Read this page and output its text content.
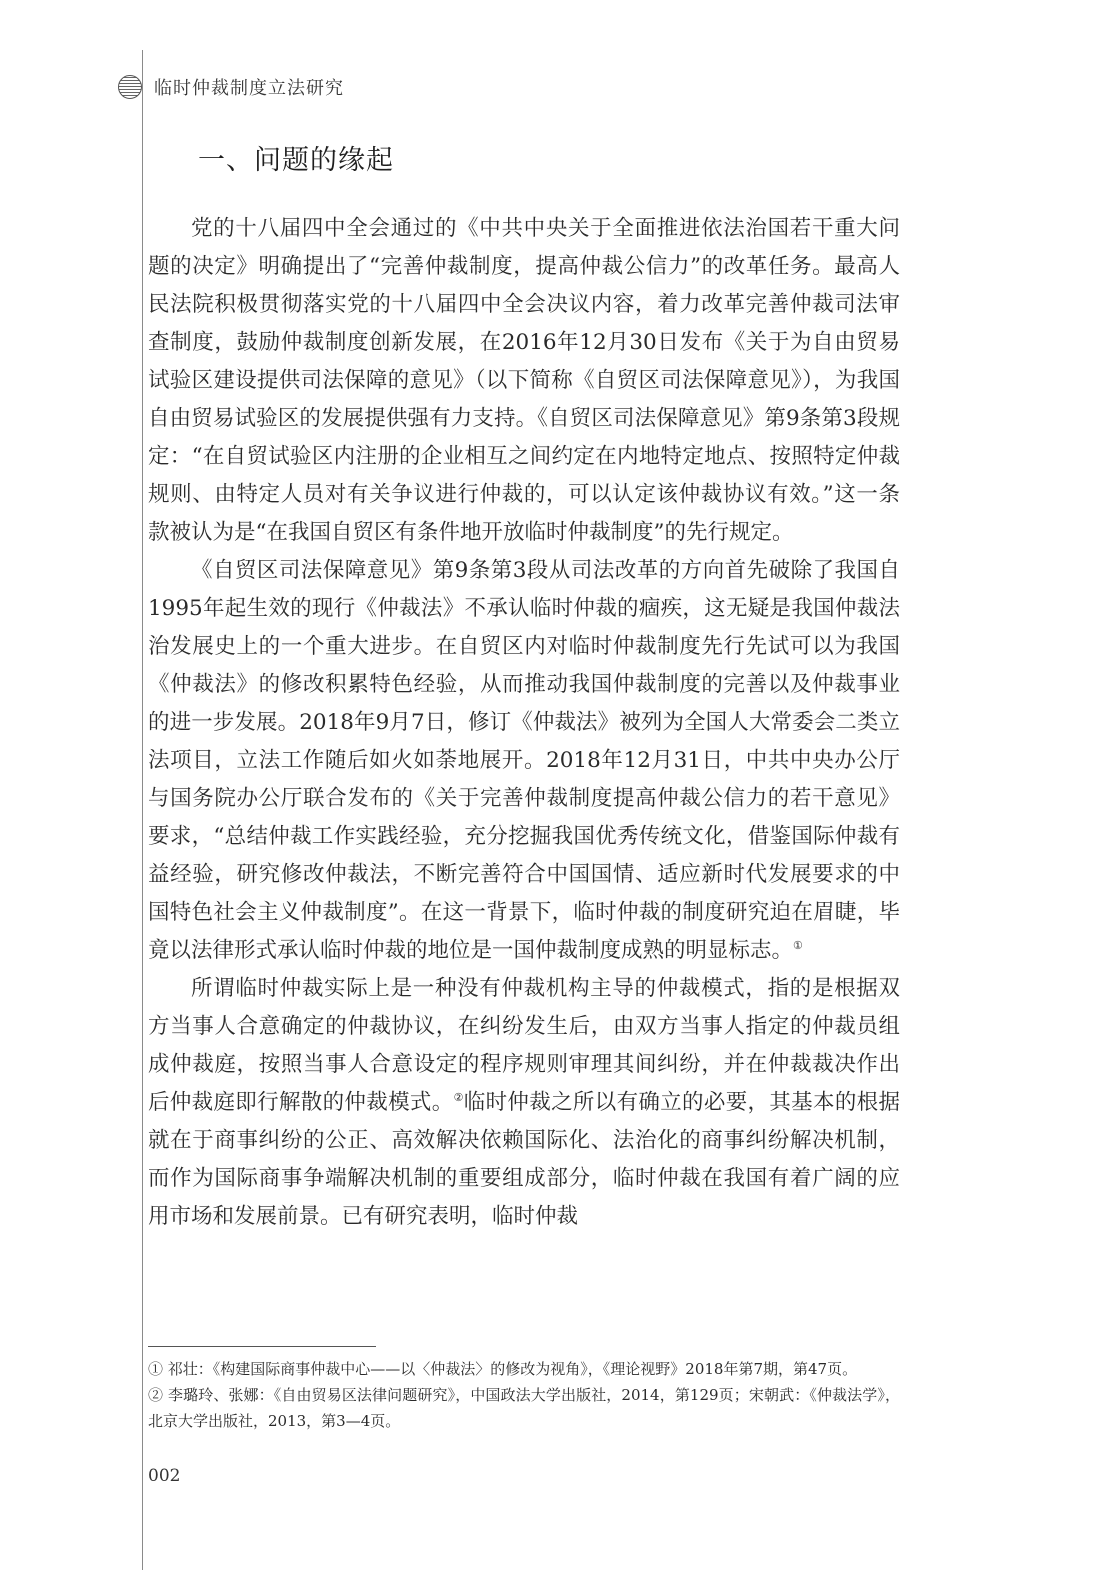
临时仲裁制度立法研究
一、问题的缘起

党的十八届四中全会通过的《中共中央关于全面推进依法治国若干重大问题的决定》明确提出了“完善仲裁制度，提高仲裁公信力”的改革任务。最高人民法院积极贯彻落实党的十八届四中全会决议内容，着力改革完善仲裁司法审查制度，鼓励仲裁制度创新发展，在2016年12月30日发布《关于为自由贸易试验区建设提供司法保障的意见》（以下简称《自贸区司法保障意见》），为我国自由贸易试验区的发展提供强有力支持。《自贸区司法保障意见》第9条第3段规定：“在自贸试验区内注册的企业相互之间约定在内地特定地点、按照特定仲裁规则、由特定人员对有关争议进行仲裁的，可以认定该仲裁协议有效。”这一条款被认为是“在我国自贸区有条件地开放临时仲裁制度”的先行规定。

《自贸区司法保障意见》第9条第3段从司法改革的方向首先破除了我国自1995年起生效的现行《仲裁法》不承认临时仲裁的痼疾，这无疑是我国仲裁法治发展史上的一个重大进步。在自贸区内对临时仲裁制度先行先试可以为我国《仲裁法》的修改积累特色经验，从而推动我国仲裁制度的完善以及仲裁事业的进一步发展。2018年9月7日，修订《仲裁法》被列为全国人大常委会二类立法项目，立法工作随后如火如荼地展开。2018年12月31日，中共中央办公厅与国务院办公厅联合发布的《关于完善仲裁制度提高仲裁公信力的若干意见》要求，“总结仲裁工作实践经验，充分挖掘我国优秀传统文化，借鉴国际仲裁有益经验，研究修改仲裁法，不断完善符合中国国情、适应新时代发展要求的中国特色社会主义仲裁制度”。在这一背景下，临时仲裁的制度研究迫在眉睫，毕竟以法律形式承认临时仲裁的地位是一国仲裁制度成熟的明显标志。①

所谓临时仲裁实际上是一种没有仲裁机构主导的仲裁模式，指的是根据双方当事人合意确定的仲裁协议，在纠纷发生后，由双方当事人指定的仲裁员组成仲裁庭，按照当事人合意设定的程序规则审理其间纠纷，并在仲裁裁决作出后仲裁庭即行解散的仲裁模式。②临时仲裁之所以有确立的必要，其基本的根据就在于商事纠纷的公正、高效解决依赖国际化、法治化的商事纠纷解决机制，而作为国际商事争端解决机制的重要组成部分，临时仲裁在我国有着广阔的应用市场和发展前景。已有研究表明，临时仲裁

① 祁壮：《构建国际商事仲裁中心——以〈仲裁法〉的修改为视角》，《理论视野》2018年第7期，第47页。

② 李璐玲、张娜：《自由贸易区法律问题研究》，中国政法大学出版社，2014，第129页；宋朝武：《仲裁法学》，北京大学出版社，2013，第3—4页。

002
